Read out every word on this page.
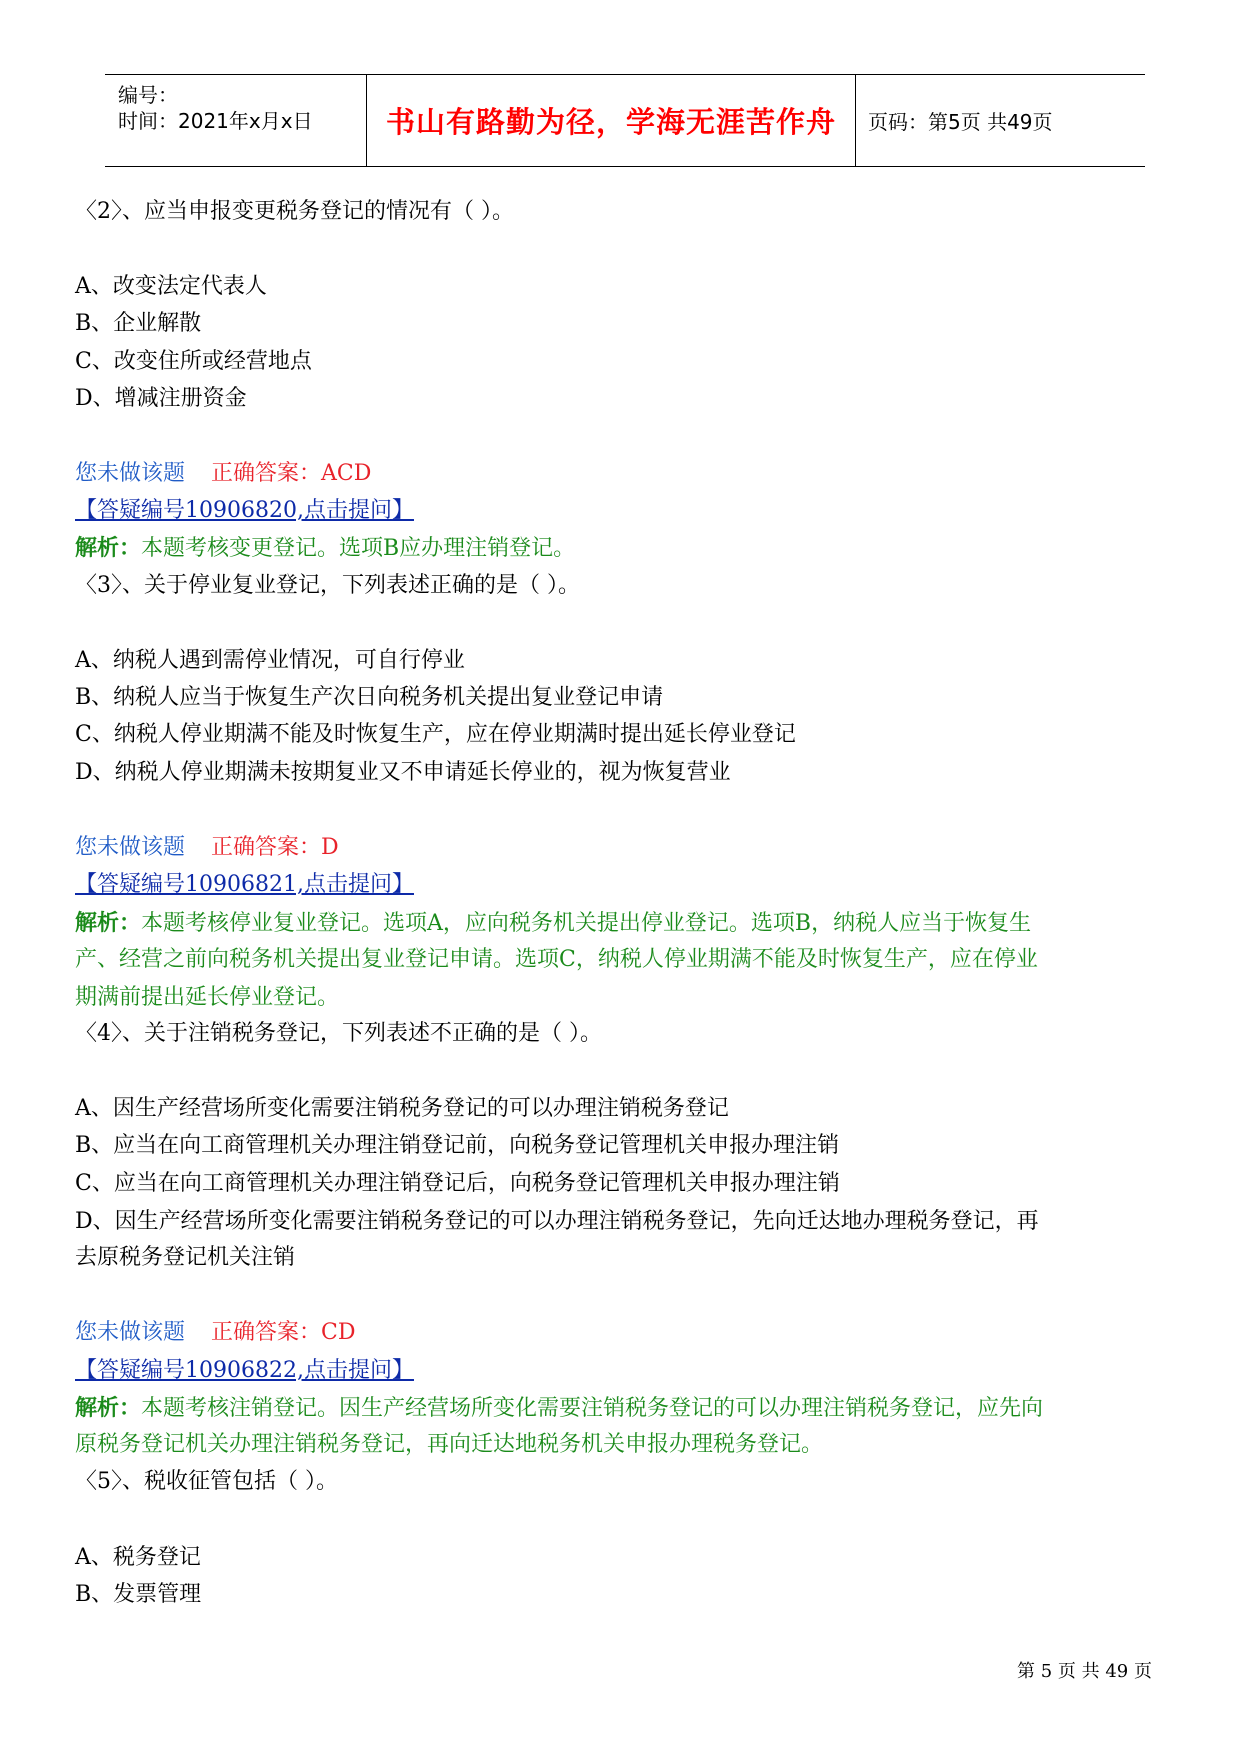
编号：
时间：2021年x月x日	书山有路勤为径，学海无涯苦作舟 页码：第5页 共49页
〈2〉、应当申报变更税务登记的情况有（ ）。
A、改变法定代表人
B、企业解散
C、改变住所或经营地点
D、增减注册资金
您未做该题 正确答案：ACD
【答疑编号10906820,点击提问】
解析：本题考核变更登记。选项B应办理注销登记。
〈3〉、关于停业复业登记，下列表述正确的是（ ）。
A、纳税人遇到需停业情况，可自行停业
B、纳税人应当于恢复生产次日向税务机关提出复业登记申请
C、纳税人停业期满不能及时恢复生产，应在停业期满时提出延长停业登记
D、纳税人停业期满未按期复业又不申请延长停业的，视为恢复营业
您未做该题 正确答案：D
【答疑编号10906821,点击提问】
解析：本题考核停业复业登记。选项A，应向税务机关提出停业登记。选项B，纳税人应当于恢复生
产、经营之前向税务机关提出复业登记申请。选项C，纳税人停业期满不能及时恢复生产，应在停业
期满前提出延长停业登记。
〈4〉、关于注销税务登记，下列表述不正确的是（ ）。
A、因生产经营场所变化需要注销税务登记的可以办理注销税务登记
B、应当在向工商管理机关办理注销登记前，向税务登记管理机关申报办理注销
C、应当在向工商管理机关办理注销登记后，向税务登记管理机关申报办理注销
D、因生产经营场所变化需要注销税务登记的可以办理注销税务登记，先向迁达地办理税务登记，再
去原税务登记机关注销
您未做该题 正确答案：CD
【答疑编号10906822,点击提问】
解析：本题考核注销登记。因生产经营场所变化需要注销税务登记的可以办理注销税务登记，应先向
原税务登记机关办理注销税务登记，再向迁达地税务机关申报办理税务登记。
〈5〉、税收征管包括（ ）。
A、税务登记
B、发票管理
第 5 页 共 49 页
